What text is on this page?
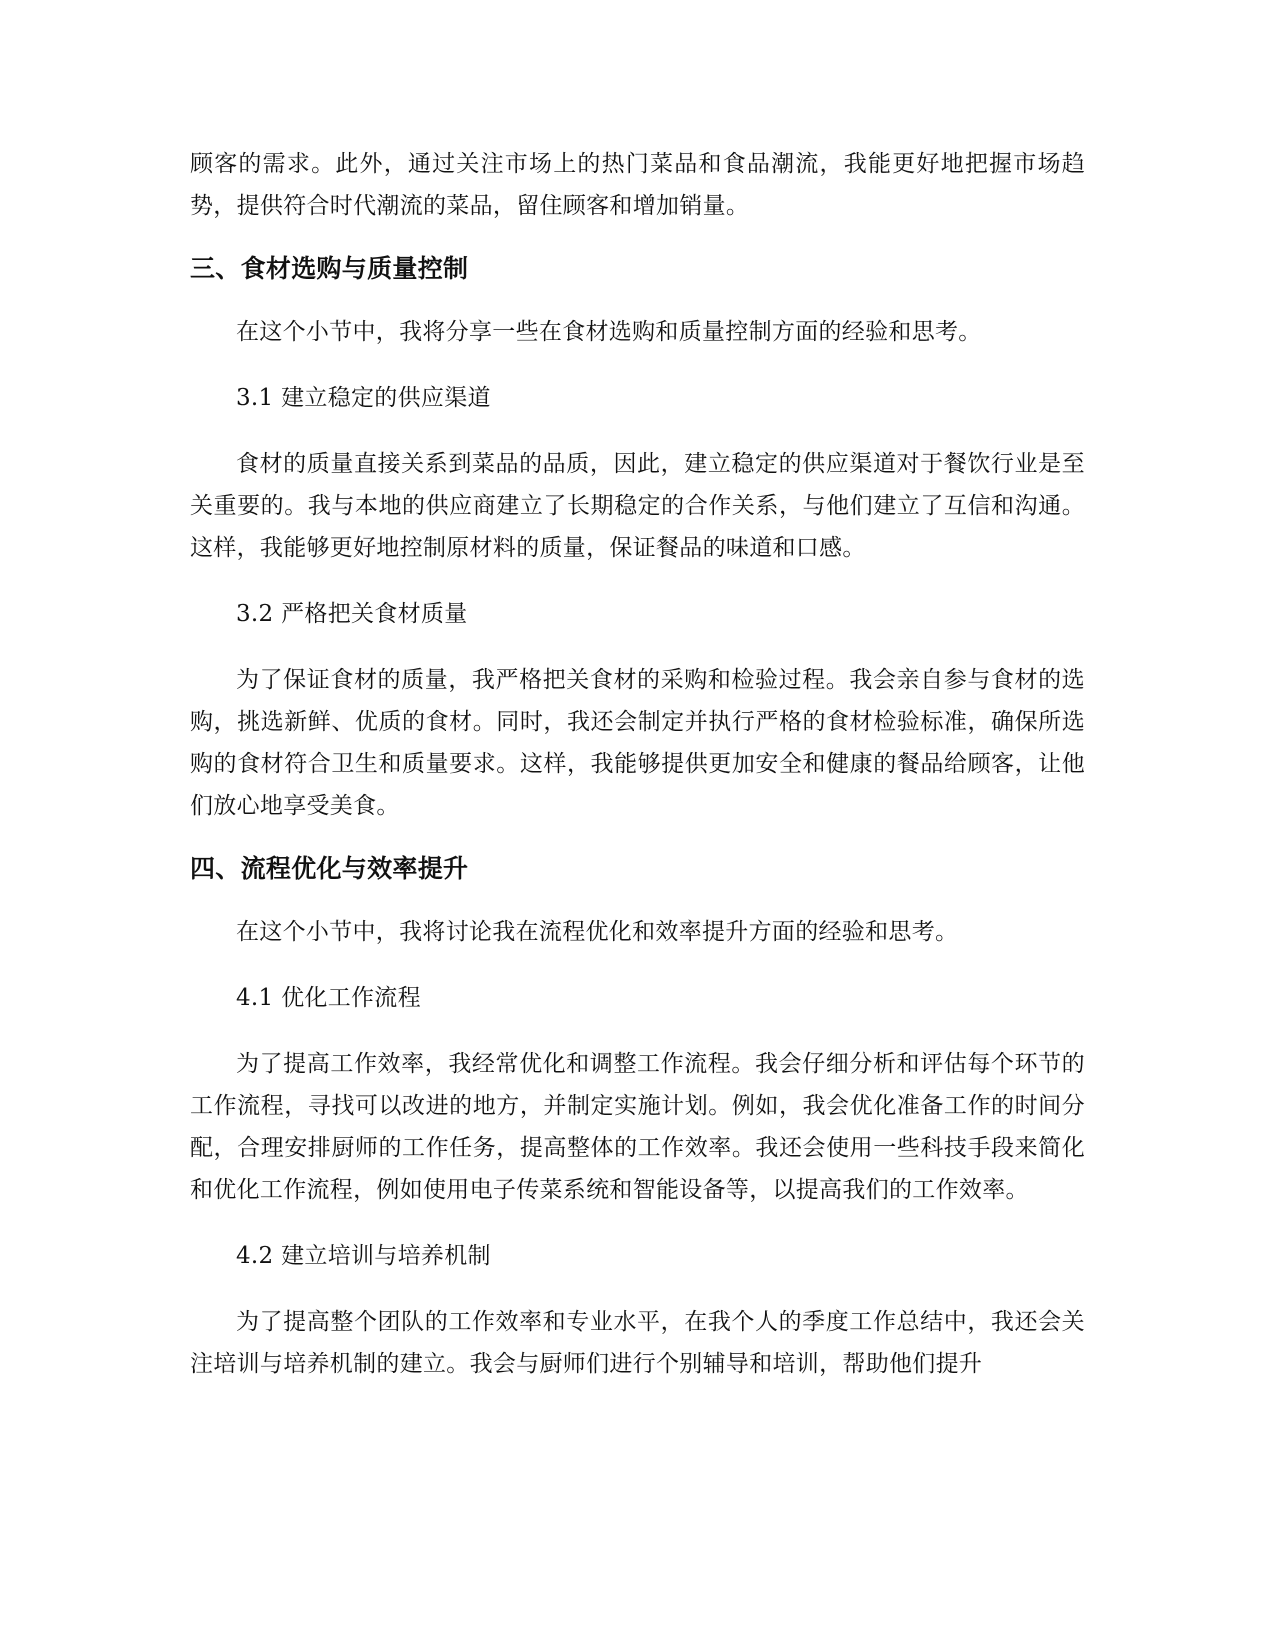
顾客的需求。此外，通过关注市场上的热门菜品和食品潮流，我能更好地把握市场趋势，提供符合时代潮流的菜品，留住顾客和增加销量。

三、食材选购与质量控制

在这个小节中，我将分享一些在食材选购和质量控制方面的经验和思考。

3.1 建立稳定的供应渠道

食材的质量直接关系到菜品的品质，因此，建立稳定的供应渠道对于餐饮行业是至关重要的。我与本地的供应商建立了长期稳定的合作关系，与他们建立了互信和沟通。这样，我能够更好地控制原材料的质量，保证餐品的味道和口感。

3.2 严格把关食材质量

为了保证食材的质量，我严格把关食材的采购和检验过程。我会亲自参与食材的选购，挑选新鲜、优质的食材。同时，我还会制定并执行严格的食材检验标准，确保所选购的食材符合卫生和质量要求。这样，我能够提供更加安全和健康的餐品给顾客，让他们放心地享受美食。

四、流程优化与效率提升

在这个小节中，我将讨论我在流程优化和效率提升方面的经验和思考。

4.1 优化工作流程

为了提高工作效率，我经常优化和调整工作流程。我会仔细分析和评估每个环节的工作流程，寻找可以改进的地方，并制定实施计划。例如，我会优化准备工作的时间分配，合理安排厨师的工作任务，提高整体的工作效率。我还会使用一些科技手段来简化和优化工作流程，例如使用电子传菜系统和智能设备等，以提高我们的工作效率。

4.2 建立培训与培养机制

为了提高整个团队的工作效率和专业水平，在我个人的季度工作总结中，我还会关注培训与培养机制的建立。我会与厨师们进行个别辅导和培训，帮助他们提升
